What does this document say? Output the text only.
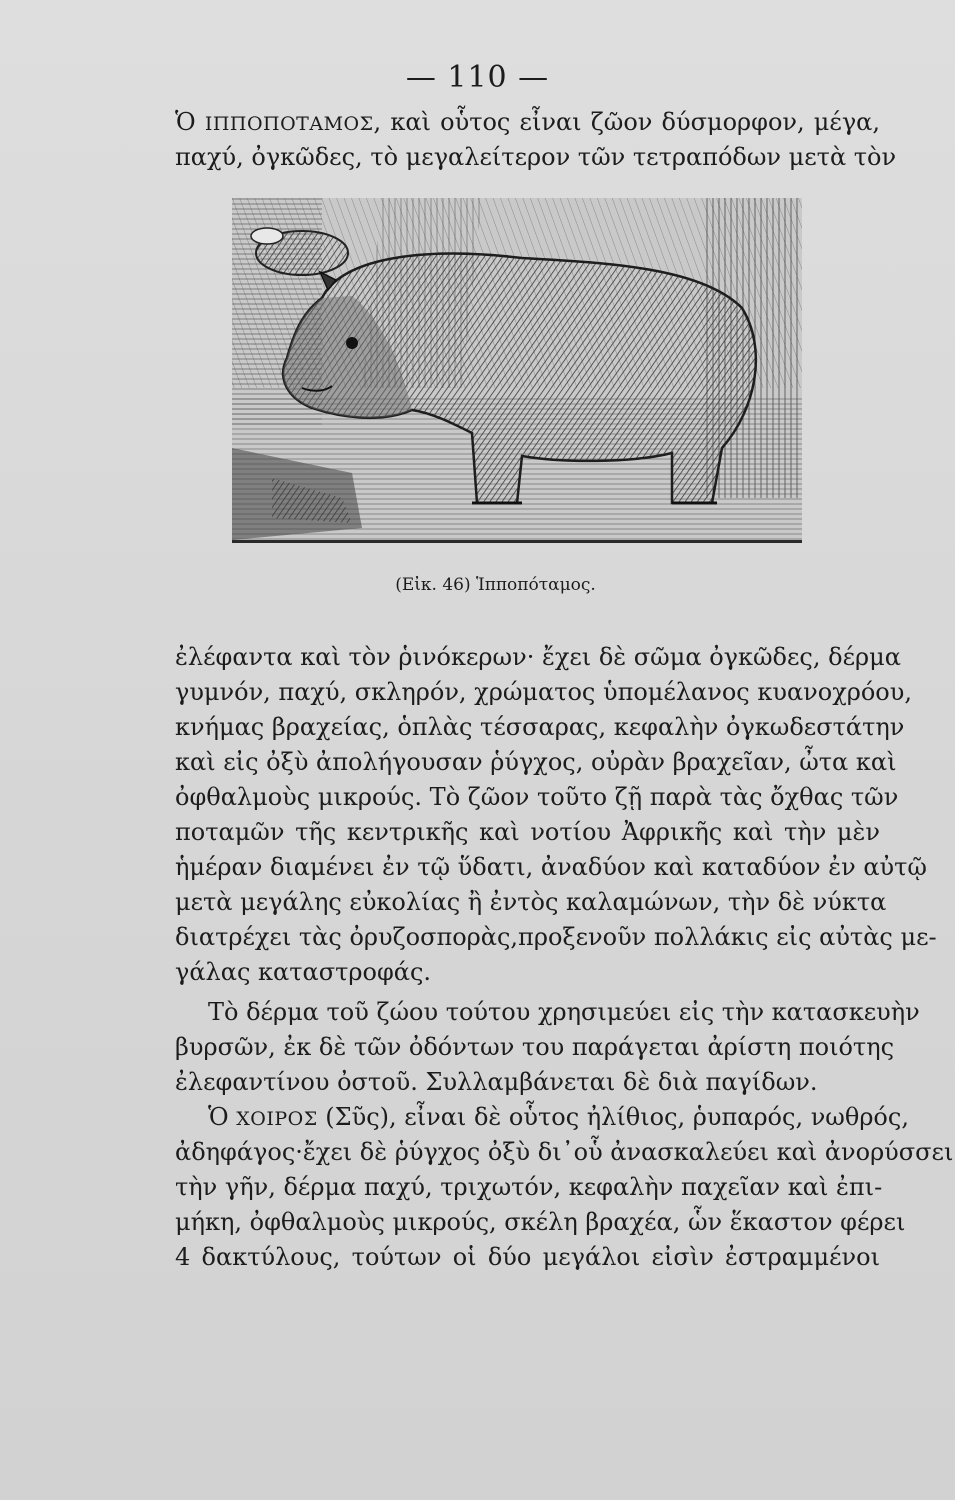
— 110 —
Ὁ ΙΠΠΟΠΟΤΑΜΟΣ, καὶ οὗτος εἶναι ζῶον δύσμορφον, μέγα,
παχύ, ὀγκῶδες, τὸ μεγαλείτερον τῶν τετραπόδων μετὰ τὸν
(Εἰκ. 46) Ἱπποπόταμος.
ἐλέφαντα καὶ τὸν ῥινόκερων· ἔχει δὲ σῶμα ὀγκῶδες, δέρμα
γυμνόν, παχύ, σκληρόν, χρώματος ὑπομέλανος κυανοχρόου,
κνήμας βραχείας, ὁπλὰς τέσσαρας, κεφαλὴν ὀγκωδεστάτην
καὶ εἰς ὀξὺ ἀπολήγουσαν ῥύγχος, οὐρὰν βραχεῖαν, ὦτα καὶ
ὀφθαλμοὺς μικρούς. Τὸ ζῶον τοῦτο ζῇ παρὰ τὰς ὄχθας τῶν
ποταμῶν τῆς κεντρικῆς καὶ νοτίου Ἀφρικῆς καὶ τὴν μὲν
ἡμέραν διαμένει ἐν τῷ ὕδατι, ἀναδύον καὶ καταδύον ἐν αὐτῷ
μετὰ μεγάλης εὐκολίας ἢ ἐντὸς καλαμώνων, τὴν δὲ νύκτα
διατρέχει τὰς ὀρυζοσπορὰς,προξενοῦν πολλάκις εἰς αὐτὰς με-
γάλας καταστροφάς.
Τὸ δέρμα τοῦ ζώου τούτου χρησιμεύει εἰς τὴν κατασκευὴν
βυρσῶν, ἐκ δὲ τῶν ὀδόντων του παράγεται ἀρίστη ποιότης
ἐλεφαντίνου ὀστοῦ. Συλλαμβάνεται δὲ διὰ παγίδων.
Ὁ ΧΟΙΡΟΣ (Σῦς), εἶναι δὲ οὗτος ἠλίθιος, ῥυπαρός, νωθρός,
ἀδηφάγος·ἔχει δὲ ῥύγχος ὀξὺ δι᾽οὗ ἀνασκαλεύει καὶ ἀνορύσσει
τὴν γῆν, δέρμα παχύ, τριχωτόν, κεφαλὴν παχεῖαν καὶ ἐπι-
μήκη, ὀφθαλμοὺς μικρούς, σκέλη βραχέα, ὧν ἕκαστον φέρει
4 δακτύλους, τούτων οἱ δύο μεγάλοι εἰσὶν ἐστραμμένοι
